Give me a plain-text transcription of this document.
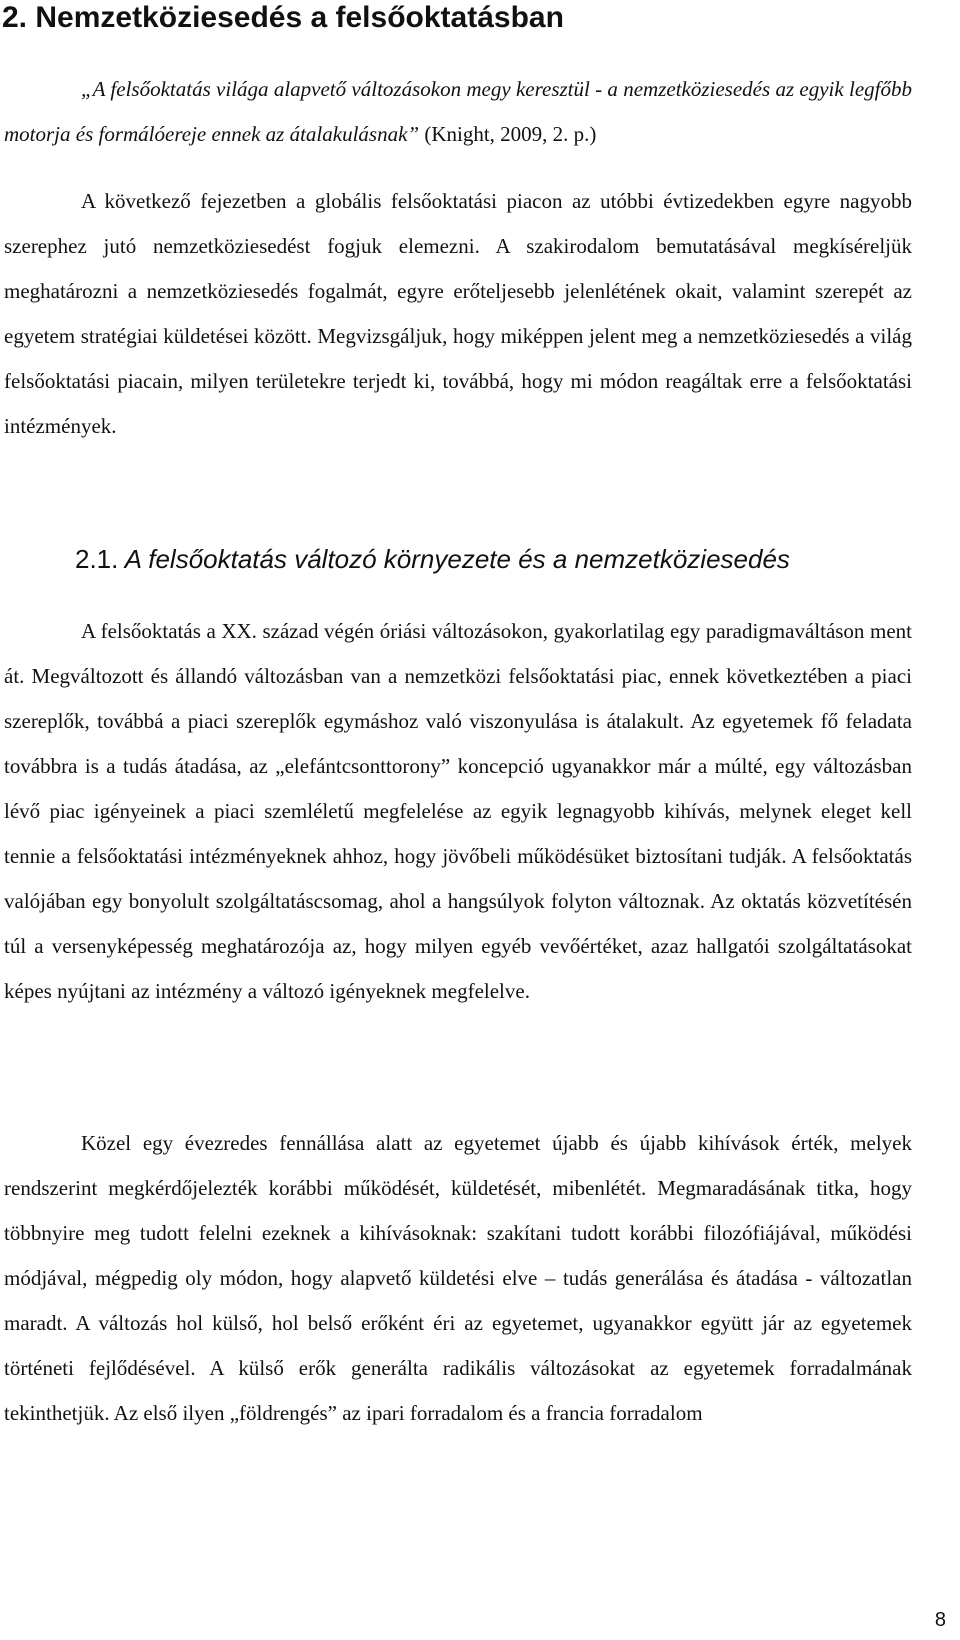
2. Nemzetköziesedés a felsőoktatásban

„A felsőoktatás világa alapvető változásokon megy keresztül - a nemzetköziesedés az egyik legfőbb motorja és formálóereje ennek az átalakulásnak” (Knight, 2009, 2. p.)

A következő fejezetben a globális felsőoktatási piacon az utóbbi évtizedekben egyre nagyobb szerephez jutó nemzetköziesedést fogjuk elemezni. A szakirodalom bemutatásával megkíséreljük meghatározni a nemzetköziesedés fogalmát, egyre erőteljesebb jelenlétének okait, valamint szerepét az egyetem stratégiai küldetései között. Megvizsgáljuk, hogy miképpen jelent meg a nemzetköziesedés a világ felsőoktatási piacain, milyen területekre terjedt ki, továbbá, hogy mi módon reagáltak erre a felsőoktatási intézmények.

2.1. A felsőoktatás változó környezete és a nemzetköziesedés

A felsőoktatás a XX. század végén óriási változásokon, gyakorlatilag egy paradigmaváltáson ment át. Megváltozott és állandó változásban van a nemzetközi felsőoktatási piac, ennek következtében a piaci szereplők, továbbá a piaci szereplők egymáshoz való viszonyulása is átalakult. Az egyetemek fő feladata továbbra is a tudás átadása, az „elefántcsonttorony” koncepció ugyanakkor már a múlté, egy változásban lévő piac igényeinek a piaci szemléletű megfelelése az egyik legnagyobb kihívás, melynek eleget kell tennie a felsőoktatási intézményeknek ahhoz, hogy jövőbeli működésüket biztosítani tudják. A felsőoktatás valójában egy bonyolult szolgáltatáscsomag, ahol a hangsúlyok folyton változnak. Az oktatás közvetítésén túl a versenyképesség meghatározója az, hogy milyen egyéb vevőértéket, azaz hallgatói szolgáltatásokat képes nyújtani az intézmény a változó igényeknek megfelelve.

Közel egy évezredes fennállása alatt az egyetemet újabb és újabb kihívások érték, melyek rendszerint megkérdőjelezték korábbi működését, küldetését, mibenlétét. Megmaradásának titka, hogy többnyire meg tudott felelni ezeknek a kihívásoknak: szakítani tudott korábbi filozófiájával, működési módjával, mégpedig oly módon, hogy alapvető küldetési elve – tudás generálása és átadása - változatlan maradt. A változás hol külső, hol belső erőként éri az egyetemet, ugyanakkor együtt jár az egyetemek történeti fejlődésével. A külső erők generálta radikális változásokat az egyetemek forradalmának tekinthetjük. Az első ilyen „földrengés” az ipari forradalom és a francia forradalom

8
